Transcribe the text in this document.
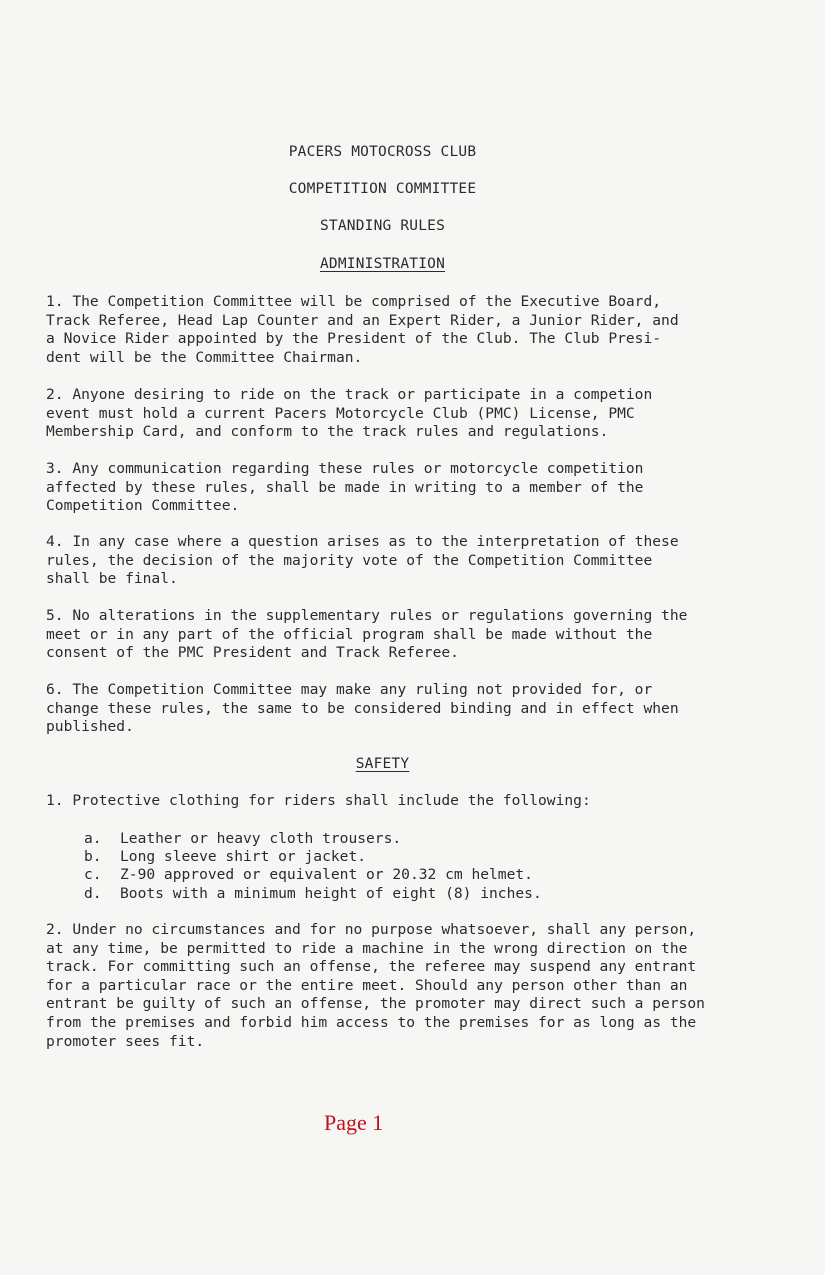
PACERS MOTOCROSS CLUB
COMPETITION COMMITTEE
STANDING RULES
ADMINISTRATION
1. The Competition Committee will be comprised of the Executive Board,
Track Referee, Head Lap Counter and an Expert Rider, a Junior Rider, and
a Novice Rider appointed by the President of the Club. The Club Presi-
dent will be the Committee Chairman.
2. Anyone desiring to ride on the track or participate in a competion
event must hold a current Pacers Motorcycle Club (PMC) License, PMC
Membership Card, and conform to the track rules and regulations.
3. Any communication regarding these rules or motorcycle competition
affected by these rules, shall be made in writing to a member of the
Competition Committee.
4. In any case where a question arises as to the interpretation of these
rules, the decision of the majority vote of the Competition Committee
shall be final.
5. No alterations in the supplementary rules or regulations governing the
meet or in any part of the official program shall be made without the
consent of the PMC President and Track Referee.
6. The Competition Committee may make any ruling not provided for, or
change these rules, the same to be considered binding and in effect when
published.
SAFETY
1. Protective clothing for riders shall include the following:
a. Leather or heavy cloth trousers.
b. Long sleeve shirt or jacket.
c. Z-90 approved or equivalent or 20.32 cm helmet.
d. Boots with a minimum height of eight (8) inches.
2. Under no circumstances and for no purpose whatsoever, shall any person,
at any time, be permitted to ride a machine in the wrong direction on the
track. For committing such an offense, the referee may suspend any entrant
for a particular race or the entire meet. Should any person other than an
entrant be guilty of such an offense, the promoter may direct such a person
from the premises and forbid him access to the premises for as long as the
promoter sees fit.
Page 1
